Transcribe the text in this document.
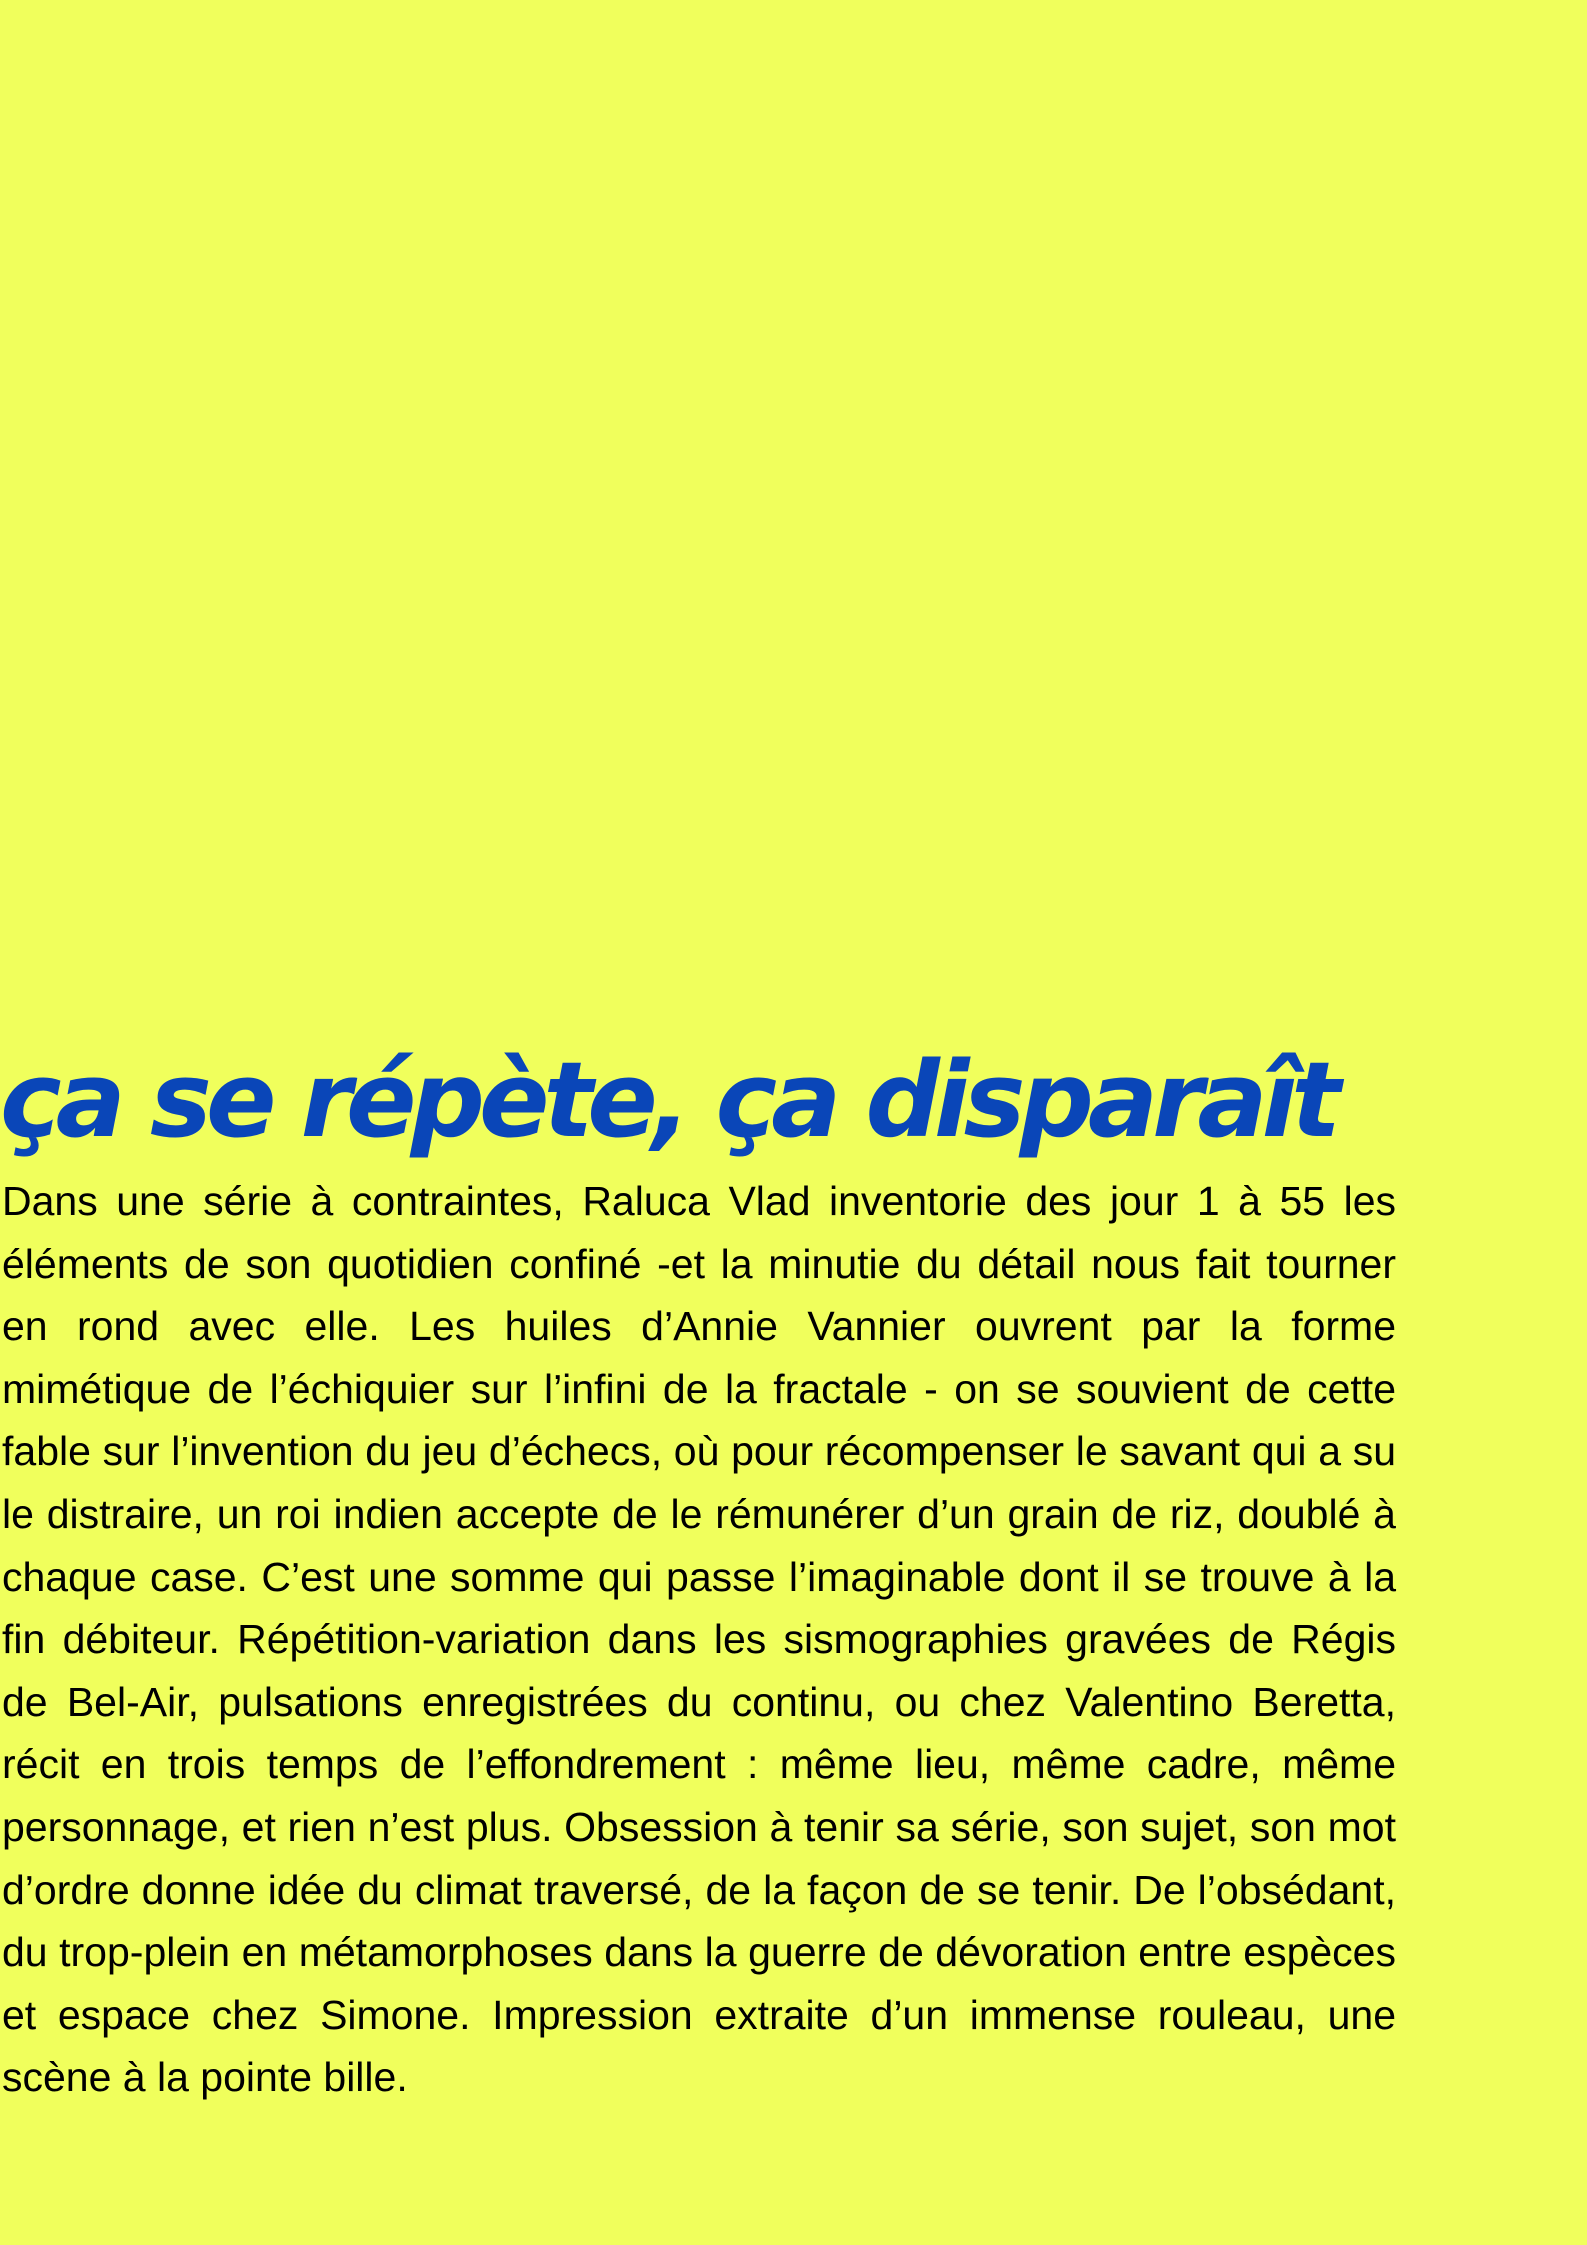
ça se répète, ça disparaît

Dans une série à contraintes, Raluca Vlad inventorie des jour 1 à 55 les éléments de son quotidien confiné -et la minutie du détail nous fait tourner en rond avec elle. Les huiles d’Annie Vannier ouvrent par la forme mimétique de l’échiquier sur l’infini de la fractale - on se souvient de cette fable sur l’invention du jeu d’échecs, où pour récompenser le savant qui a su le distraire, un roi indien accepte de le rémunérer d’un grain de riz, doublé à chaque case. C’est une somme qui passe l’imaginable dont il se trouve à la fin débiteur. Répétition-variation dans les sismographies gravées de Régis de Bel-Air, pulsations enregistrées du continu, ou chez Valentino Beretta, récit en trois temps de l’effondrement : même lieu, même cadre, même personnage, et rien n’est plus. Obsession à tenir sa série, son sujet, son mot d’ordre donne idée du climat traversé, de la façon de se tenir. De l’obsédant, du trop-plein en métamorphoses dans la guerre de dévoration entre espèces et espace chez Simone. Impression extraite d’un immense rouleau, une scène à la pointe bille.
